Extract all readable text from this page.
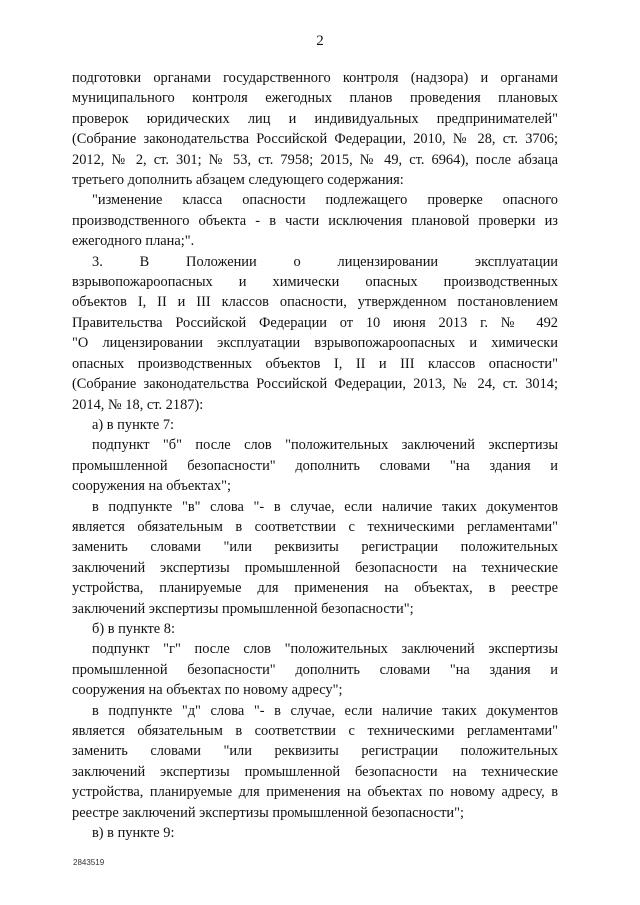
2
подготовки органами государственного контроля (надзора) и органами
муниципального контроля ежегодных планов проведения плановых
проверок юридических лиц и индивидуальных предпринимателей"
(Собрание законодательства Российской Федерации, 2010, № 28, ст. 3706;
2012, № 2, ст. 301; № 53, ст. 7958; 2015, № 49, ст. 6964), после абзаца
третьего дополнить абзацем следующего содержания:
"изменение класса опасности подлежащего проверке опасного
производственного объекта - в части исключения плановой проверки из
ежегодного плана;".
3. В Положении о лицензировании эксплуатации
взрывопожароопасных и химически опасных производственных
объектов I, II и III классов опасности, утвержденном постановлением
Правительства Российской Федерации от 10 июня 2013 г. № 492
"О лицензировании эксплуатации взрывопожароопасных и химически
опасных производственных объектов I, II и III классов опасности"
(Собрание законодательства Российской Федерации, 2013, № 24, ст. 3014;
2014, № 18, ст. 2187):
а) в пункте 7:
подпункт "б" после слов "положительных заключений экспертизы
промышленной безопасности" дополнить словами "на здания и
сооружения на объектах";
в подпункте "в" слова "- в случае, если наличие таких документов
является обязательным в соответствии с техническими регламентами"
заменить словами "или реквизиты регистрации положительных
заключений экспертизы промышленной безопасности на технические
устройства, планируемые для применения на объектах, в реестре
заключений экспертизы промышленной безопасности";
б) в пункте 8:
подпункт "г" после слов "положительных заключений экспертизы
промышленной безопасности" дополнить словами "на здания и
сооружения на объектах по новому адресу";
в подпункте "д" слова "- в случае, если наличие таких документов
является обязательным в соответствии с техническими регламентами"
заменить словами "или реквизиты регистрации положительных
заключений экспертизы промышленной безопасности на технические
устройства, планируемые для применения на объектах по новому адресу, в
реестре заключений экспертизы промышленной безопасности";
в) в пункте 9:
2843519
